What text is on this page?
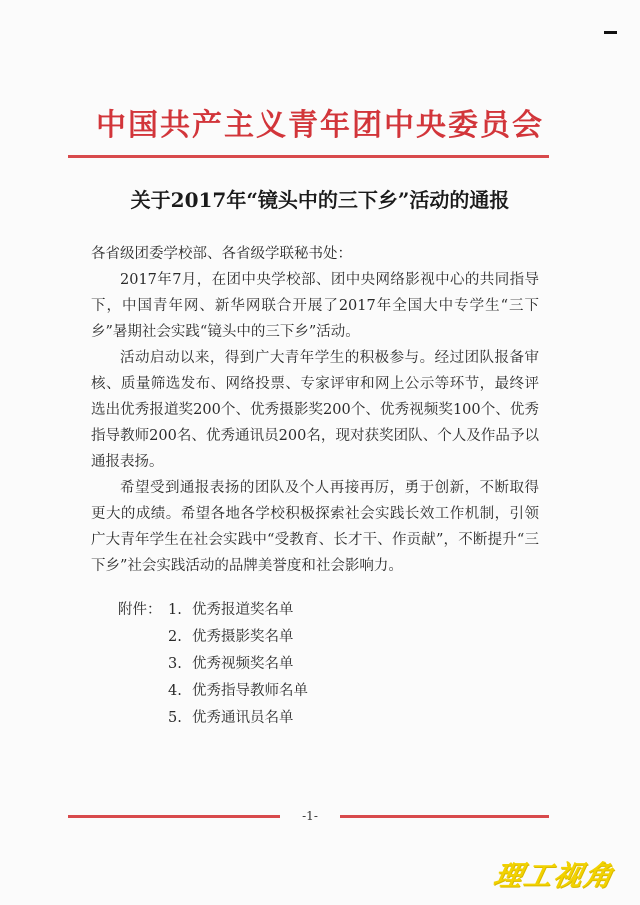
中国共产主义青年团中央委员会
关于2017年“镜头中的三下乡”活动的通报

各省级团委学校部、各省级学联秘书处：

2017年7月，在团中央学校部、团中央网络影视中心的共同指导下，中国青年网、新华网联合开展了2017年全国大中专学生“三下乡”暑期社会实践“镜头中的三下乡”活动。

活动启动以来，得到广大青年学生的积极参与。经过团队报备审核、质量筛选发布、网络投票、专家评审和网上公示等环节，最终评选出优秀报道奖200个、优秀摄影奖200个、优秀视频奖100个、优秀指导教师200名、优秀通讯员200名，现对获奖团队、个人及作品予以通报表扬。

希望受到通报表扬的团队及个人再接再厉，勇于创新，不断取得更大的成绩。希望各地各学校积极探索社会实践长效工作机制，引领广大青年学生在社会实践中“受教育、长才干、作贡献”，不断提升“三下乡”社会实践活动的品牌美誉度和社会影响力。

附件： 1. 优秀报道奖名单
2. 优秀摄影奖名单
3. 优秀视频奖名单
4. 优秀指导教师名单
5. 优秀通讯员名单
-1-
理工视角
